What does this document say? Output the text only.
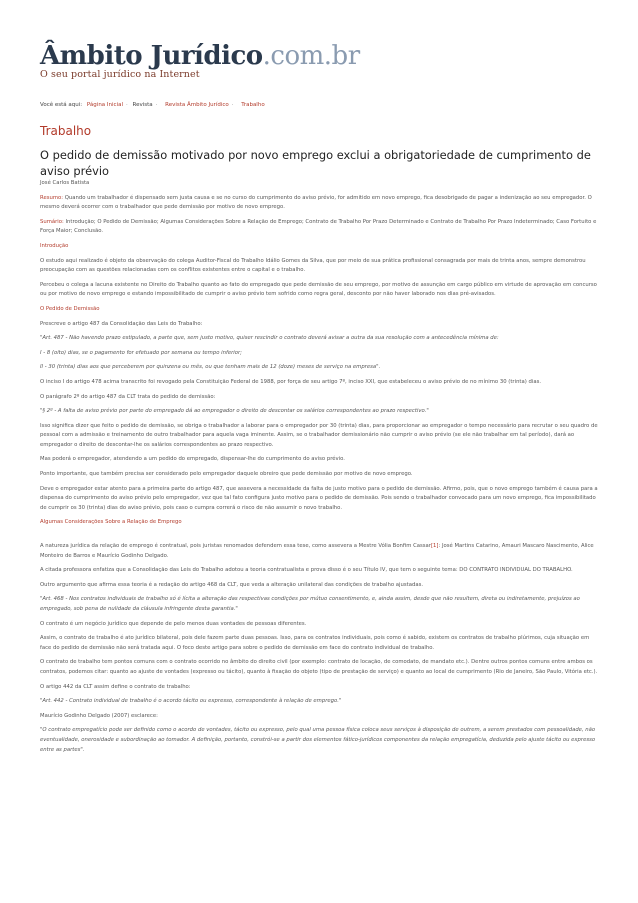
Âmbito Jurídico.com.br
O seu portal jurídico na Internet
Você está aqui: Página Inicial · Revista · Revista Âmbito Jurídico · Trabalho
Trabalho
O pedido de demissão motivado por novo emprego exclui a obrigatoriedade de cumprimento de aviso prévio

José Carlos Batista

Resumo: Quando um trabalhador é dispensado sem justa causa e se no curso do cumprimento do aviso prévio, for admitido em novo emprego, fica desobrigado de pagar a indenização ao seu empregador. O mesmo deverá ocorrer com o trabalhador que pede demissão por motivo de novo emprego.

Sumário: Introdução; O Pedido de Demissão; Algumas Considerações Sobre a Relação de Emprego; Contrato de Trabalho Por Prazo Determinado e Contrato de Trabalho Por Prazo Indeterminado; Caso Fortuito e Força Maior; Conclusão.

Introdução

O estudo aqui realizado é objeto da observação do colega Auditor-Fiscal do Trabalho Idálio Gomes da Silva, que por meio de sua prática profissional consagrada por mais de trinta anos, sempre demonstrou preocupação com as questões relacionadas com os conflitos existentes entre o capital e o trabalho.

Percebeu o colega a lacuna existente no Direito do Trabalho quanto ao fato do empregado que pede demissão de seu emprego, por motivo de assunção em cargo público em virtude de aprovação em concurso ou por motivo de novo emprego e estando impossibilitado de cumprir o aviso prévio tem sofrido como regra geral, desconto por não haver laborado nos dias pré-avisados.

O Pedido de Demissão

Prescreve o artigo 487 da Consolidação das Leis do Trabalho:

"Art. 487 - Não havendo prazo estipulado, a parte que, sem justo motivo, quiser rescindir o contrato deverá avisar a outra da sua resolução com a antecedência mínima de:

I - 8 (oito) dias, se o pagamento for efetuado por semana ou tempo inferior;

II - 30 (trinta) dias aos que perceberem por quinzena ou mês, ou que tenham mais de 12 (doze) meses de serviço na empresa".

O inciso I do artigo 478 acima transcrito foi revogado pela Constituição Federal de 1988, por força de seu artigo 7º, inciso XXI, que estabeleceu o aviso prévio de no mínimo 30 (trinta) dias.

O parágrafo 2º do artigo 487 da CLT trata do pedido de demissão:

"§ 2º - A falta de aviso prévio por parte do empregado dá ao empregador o direito de descontar os salários correspondentes ao prazo respectivo."

Isso significa dizer que feito o pedido de demissão, se obriga o trabalhador a laborar para o empregador por 30 (trinta) dias, para proporcionar ao empregador o tempo necessário para recrutar o seu quadro de pessoal com a admissão e treinamento de outro trabalhador para aquela vaga iminente. Assim, se o trabalhador demissionário não cumprir o aviso prévio (se ele não trabalhar em tal período), dará ao empregador o direito de descontar-lhe os salários correspondentes ao prazo respectivo.

Mas poderá o empregador, atendendo a um pedido do empregado, dispensar-lhe do cumprimento do aviso prévio.

Ponto importante, que também precisa ser considerado pelo empregador daquele obreiro que pede demissão por motivo de novo emprego.

Deve o empregador estar atento para a primeira parte do artigo 487, que assevera a necessidade da falta de justo motivo para o pedido de demissão. Afirmo, pois, que o novo emprego também é causa para a dispensa do cumprimento do aviso prévio pelo empregador, vez que tal fato configura justo motivo para o pedido de demissão. Pois sendo o trabalhador convocado para um novo emprego, fica impossibilitado de cumprir os 30 (trinta) dias do aviso prévio, pois caso o cumpra correrá o risco de não assumir o novo trabalho.

Algumas Considerações Sobre a Relação de Emprego

A natureza jurídica da relação de emprego é contratual, pois juristas renomados defendem essa tese, como assevera a Mestre Vólia Bonfim Cassar[1]: José Martins Catarino, Amauri Mascaro Nascimento, Alice Monteiro de Barros e Maurício Godinho Delgado.

A citada professora enfatiza que a Consolidação das Leis do Trabalho adotou a teoria contratualista e prova disso é o seu Título IV, que tem o seguinte tema: DO CONTRATO INDIVIDUAL DO TRABALHO.

Outro argumento que afirma essa teoria é a redação do artigo 468 da CLT, que veda a alteração unilateral das condições de trabalho ajustadas.

"Art. 468 - Nos contratos individuais de trabalho só é lícita a alteração das respectivas condições por mútuo consentimento, e, ainda assim, desde que não resultem, direta ou indiretamente, prejuízos ao empregado, sob pena de nulidade da cláusula infringente desta garantia."

O contrato é um negócio jurídico que depende de pelo menos duas vontades de pessoas diferentes.

Assim, o contrato de trabalho é ato jurídico bilateral, pois dele fazem parte duas pessoas. Isso, para os contratos individuais, pois como é sabido, existem os contratos de trabalho plúrimos, cuja situação em face do pedido de demissão não será tratada aqui. O foco deste artigo para sobre o pedido de demissão em face do contrato individual de trabalho.

O contrato de trabalho tem pontos comuns com o contrato ocorrido no âmbito do direito civil (por exemplo: contrato de locação, de comodato, de mandato etc.). Dentre outros pontos comuns entre ambos os contratos, podemos citar: quanto ao ajuste de vontades (expresso ou tácito), quanto à fixação do objeto (tipo de prestação de serviço) e quanto ao local de cumprimento (Rio de Janeiro, São Paulo, Vitória etc.).

O artigo 442 da CLT assim define o contrato de trabalho:

"Art. 442 - Contrato individual de trabalho é o acordo tácito ou expresso, correspondente à relação de emprego."

Maurício Godinho Delgado (2007) esclarece:

"O contrato empregatício pode ser definido como o acordo de vontades, tácito ou expresso, pelo qual uma pessoa física coloca seus serviços à disposição de outrem, a serem prestados com pessoalidade, não eventualidade, onerosidade e subordinação ao tomador. A definição, portanto, constrói-se a partir dos elementos fático-jurídicos componentes da relação empregatícia, deduzida pelo ajuste tácito ou expresso entre as partes".
